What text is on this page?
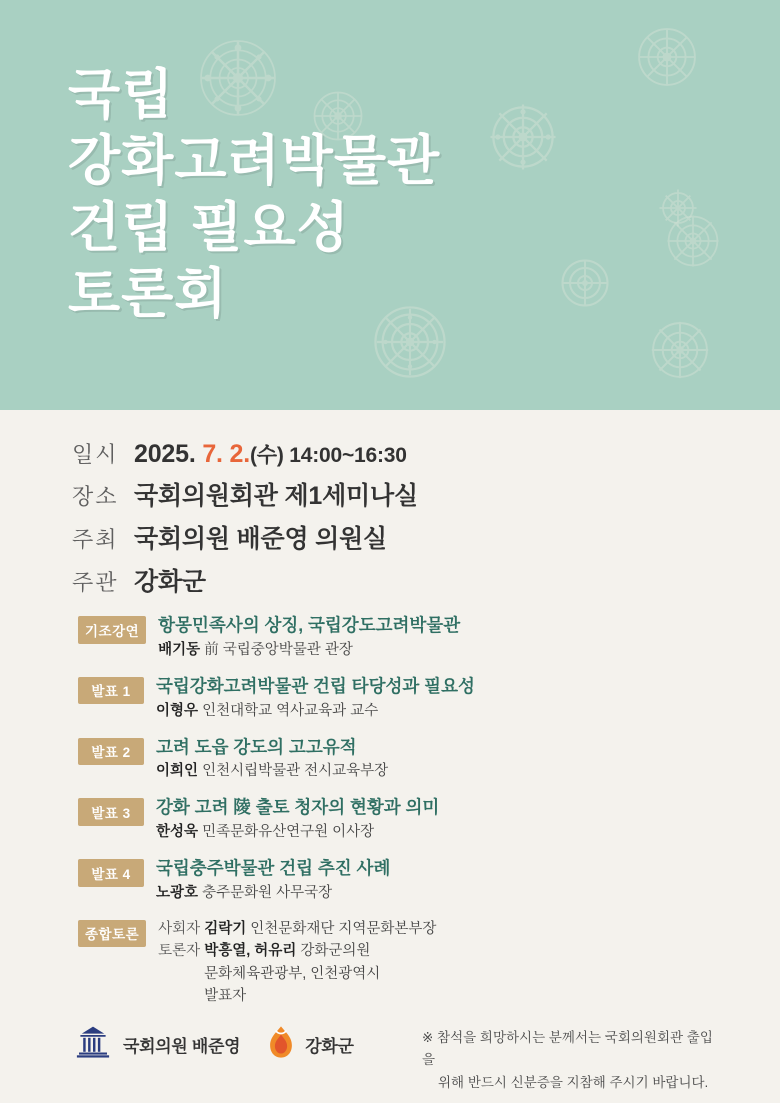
국립
강화고려박물관
건립 필요성
토론회
일시 2025. 7. 2.(수) 14:00~16:30
장소 국회의원회관 제1세미나실
주최 국회의원 배준영 의원실
주관 강화군
기조강연	항몽민족사의 상징, 국립강도고려박물관
배기동 前 국립중앙박물관 관장
발표 1	국립강화고려박물관 건립 타당성과 필요성
이형우 인천대학교 역사교육과 교수
발표 2	고려 도읍 강도의 고고유적
이희인 인천시립박물관 전시교육부장
발표 3	강화 고려 陵 출토 청자의 현황과 의미
한성욱 민족문화유산연구원 이사장
발표 4	국립충주박물관 건립 추진 사례
노광호 충주문화원 사무국장
종합토론	사회자 김락기 인천문화재단 지역문화본부장
토론자 박흥열, 허유리 강화군의원
문화체육관광부, 인천광역시
발표자
국회의원 배준영	강화군	※ 참석을 희망하시는 분께서는 국회의원회관 출입을
위해 반드시 신분증을 지참해 주시기 바랍니다.
